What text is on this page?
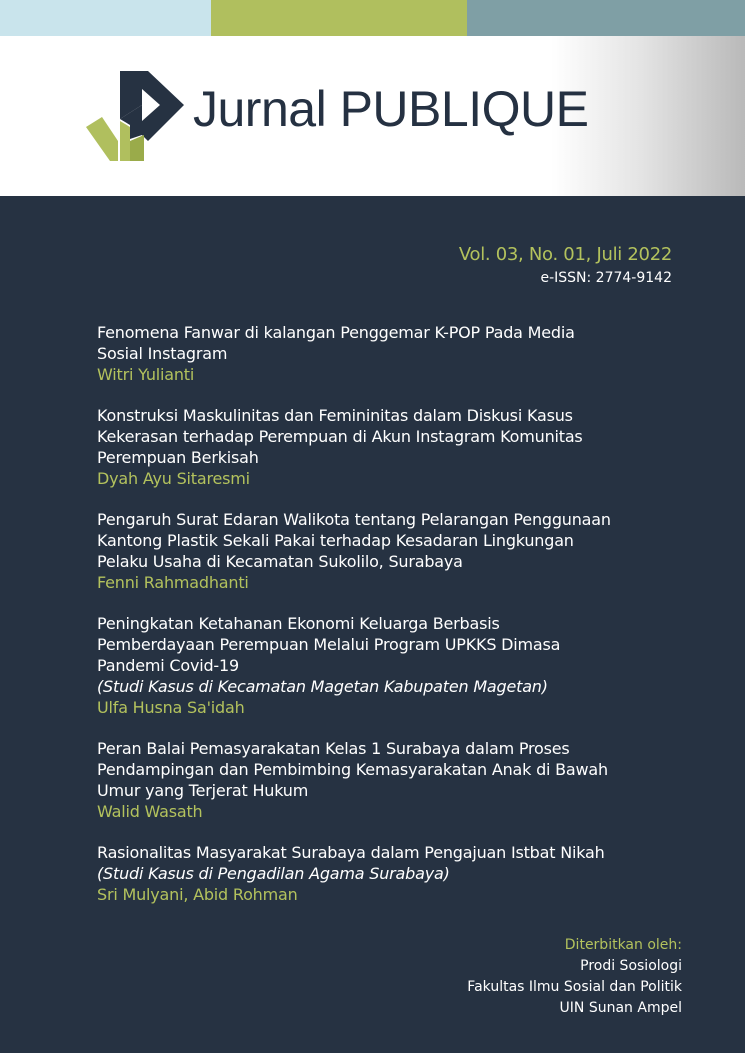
Jurnal PUBLIQUE
Vol. 03, No. 01, Juli 2022
e-ISSN: 2774-9142
Fenomena Fanwar di kalangan Penggemar K-POP Pada Media
Sosial Instagram
Witri Yulianti
Konstruksi Maskulinitas dan Femininitas dalam Diskusi Kasus
Kekerasan terhadap Perempuan di Akun Instagram Komunitas
Perempuan Berkisah
Dyah Ayu Sitaresmi
Pengaruh Surat Edaran Walikota tentang Pelarangan Penggunaan
Kantong Plastik Sekali Pakai terhadap Kesadaran Lingkungan
Pelaku Usaha di Kecamatan Sukolilo, Surabaya
Fenni Rahmadhanti
Peningkatan Ketahanan Ekonomi Keluarga Berbasis
Pemberdayaan Perempuan Melalui Program UPKKS Dimasa
Pandemi Covid-19
(Studi Kasus di Kecamatan Magetan Kabupaten Magetan)
Ulfa Husna Sa'idah
Peran Balai Pemasyarakatan Kelas 1 Surabaya dalam Proses
Pendampingan dan Pembimbing Kemasyarakatan Anak di Bawah
Umur yang Terjerat Hukum
Walid Wasath
Rasionalitas Masyarakat Surabaya dalam Pengajuan Istbat Nikah
(Studi Kasus di Pengadilan Agama Surabaya)
Sri Mulyani, Abid Rohman
Diterbitkan oleh:
Prodi Sosiologi
Fakultas Ilmu Sosial dan Politik
UIN Sunan Ampel
